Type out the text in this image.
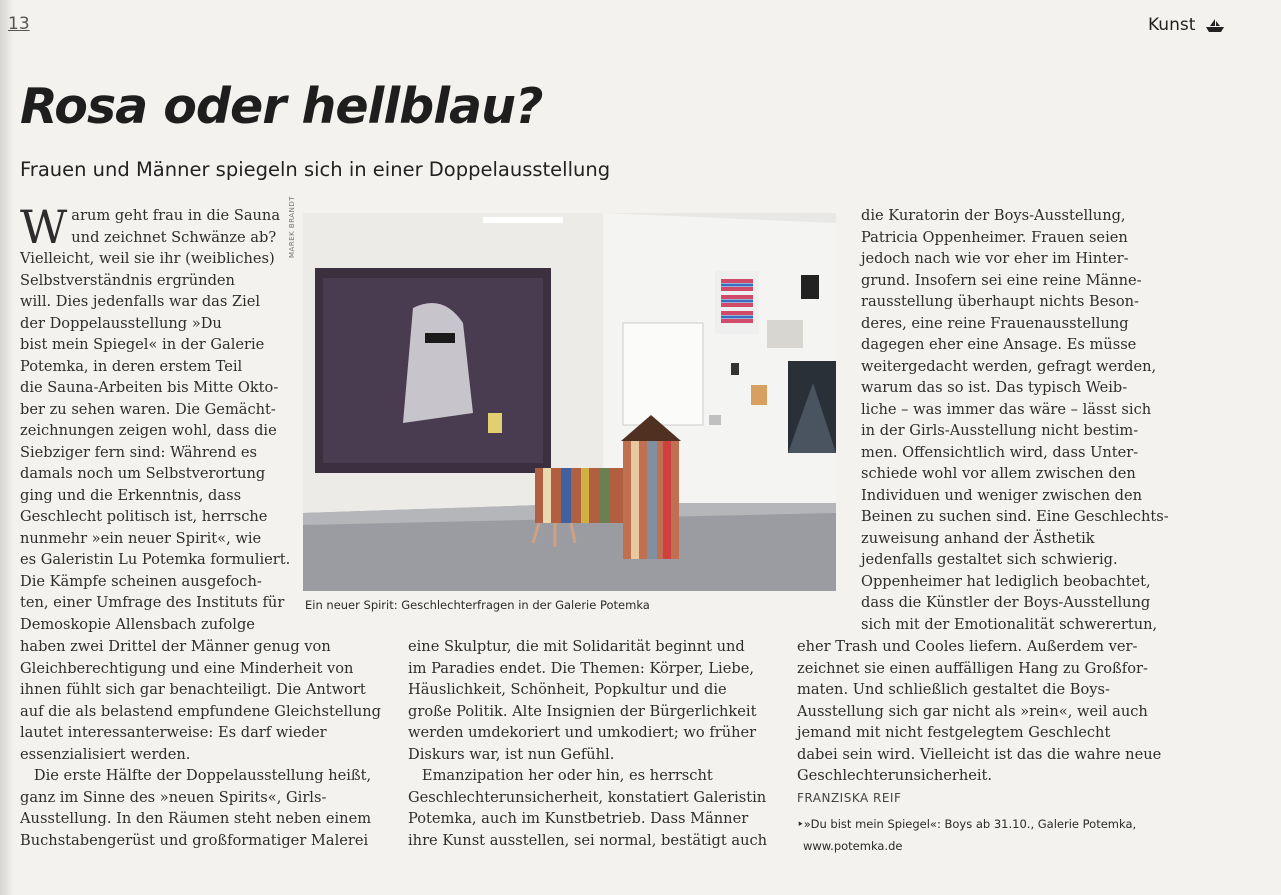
13	Kunst
Rosa oder hellblau?

Frauen und Männer spiegeln sich in einer Doppelausstellung

W arum geht frau in die Sauna
und zeichnet Schwänze ab?
Vielleicht, weil sie ihr (weibliches)
Selbstverständnis ergründen
will. Dies jedenfalls war das Ziel
der Doppelausstellung »Du
bist mein Spiegel« in der Galerie
Potemka, in deren erstem Teil
die Sauna-Arbeiten bis Mitte Okto-
ber zu sehen waren. Die Gemächt-
zeichnungen zeigen wohl, dass die
Siebziger fern sind: Während es
damals noch um Selbstverortung
ging und die Erkenntnis, dass
Geschlecht politisch ist, herrsche
nunmehr »ein neuer Spirit«, wie
es Galeristin Lu Potemka formuliert.
Die Kämpfe scheinen ausgefoch-
ten, einer Umfrage des Instituts für
Demoskopie Allensbach zufolge
MAREK BRANDT
Ein neuer Spirit: Geschlechterfragen in der Galerie Potemka
haben zwei Drittel der Männer genug von
Gleichberechtigung und eine Minderheit von
ihnen fühlt sich gar benachteiligt. Die Antwort
auf die als belastend empfundene Gleichstellung
lautet interessanterweise: Es darf wieder
essenzialisiert werden.
Die erste Hälfte der Doppelausstellung heißt,
ganz im Sinne des »neuen Spirits«, Girls-
Ausstellung. In den Räumen steht neben einem
Buchstabengerüst und großformatiger Malerei
eine Skulptur, die mit Solidarität beginnt und
im Paradies endet. Die Themen: Körper, Liebe,
Häuslichkeit, Schönheit, Popkultur und die
große Politik. Alte Insignien der Bürgerlichkeit
werden umdekoriert und umkodiert; wo früher
Diskurs war, ist nun Gefühl.
Emanzipation her oder hin, es herrscht
Geschlechterunsicherheit, konstatiert Galeristin
Potemka, auch im Kunstbetrieb. Dass Männer
ihre Kunst ausstellen, sei normal, bestätigt auch
die Kuratorin der Boys-Ausstellung,
Patricia Oppenheimer. Frauen seien
jedoch nach wie vor eher im Hinter-
grund. Insofern sei eine reine Männe-
rausstellung überhaupt nichts Beson-
deres, eine reine Frauenausstellung
dagegen eher eine Ansage. Es müsse
weitergedacht werden, gefragt werden,
warum das so ist. Das typisch Weib-
liche – was immer das wäre – lässt sich
in der Girls-Ausstellung nicht bestim-
men. Offensichtlich wird, dass Unter-
schiede wohl vor allem zwischen den
Individuen und weniger zwischen den
Beinen zu suchen sind. Eine Geschlechts-
zuweisung anhand der Ästhetik
jedenfalls gestaltet sich schwierig.
Oppenheimer hat lediglich beobachtet,
dass die Künstler der Boys-Ausstellung
sich mit der Emotionalität schwerertun,
eher Trash und Cooles liefern. Außerdem ver-
zeichnet sie einen auffälligen Hang zu Großfor-
maten. Und schließlich gestaltet die Boys-
Ausstellung sich gar nicht als »rein«, weil auch
jemand mit nicht festgelegtem Geschlecht
dabei sein wird. Vielleicht ist das die wahre neue
Geschlechterunsicherheit.
FRANZISKA REIF
‣»Du bist mein Spiegel«: Boys ab 31.10., Galerie Potemka,
www.potemka.de
